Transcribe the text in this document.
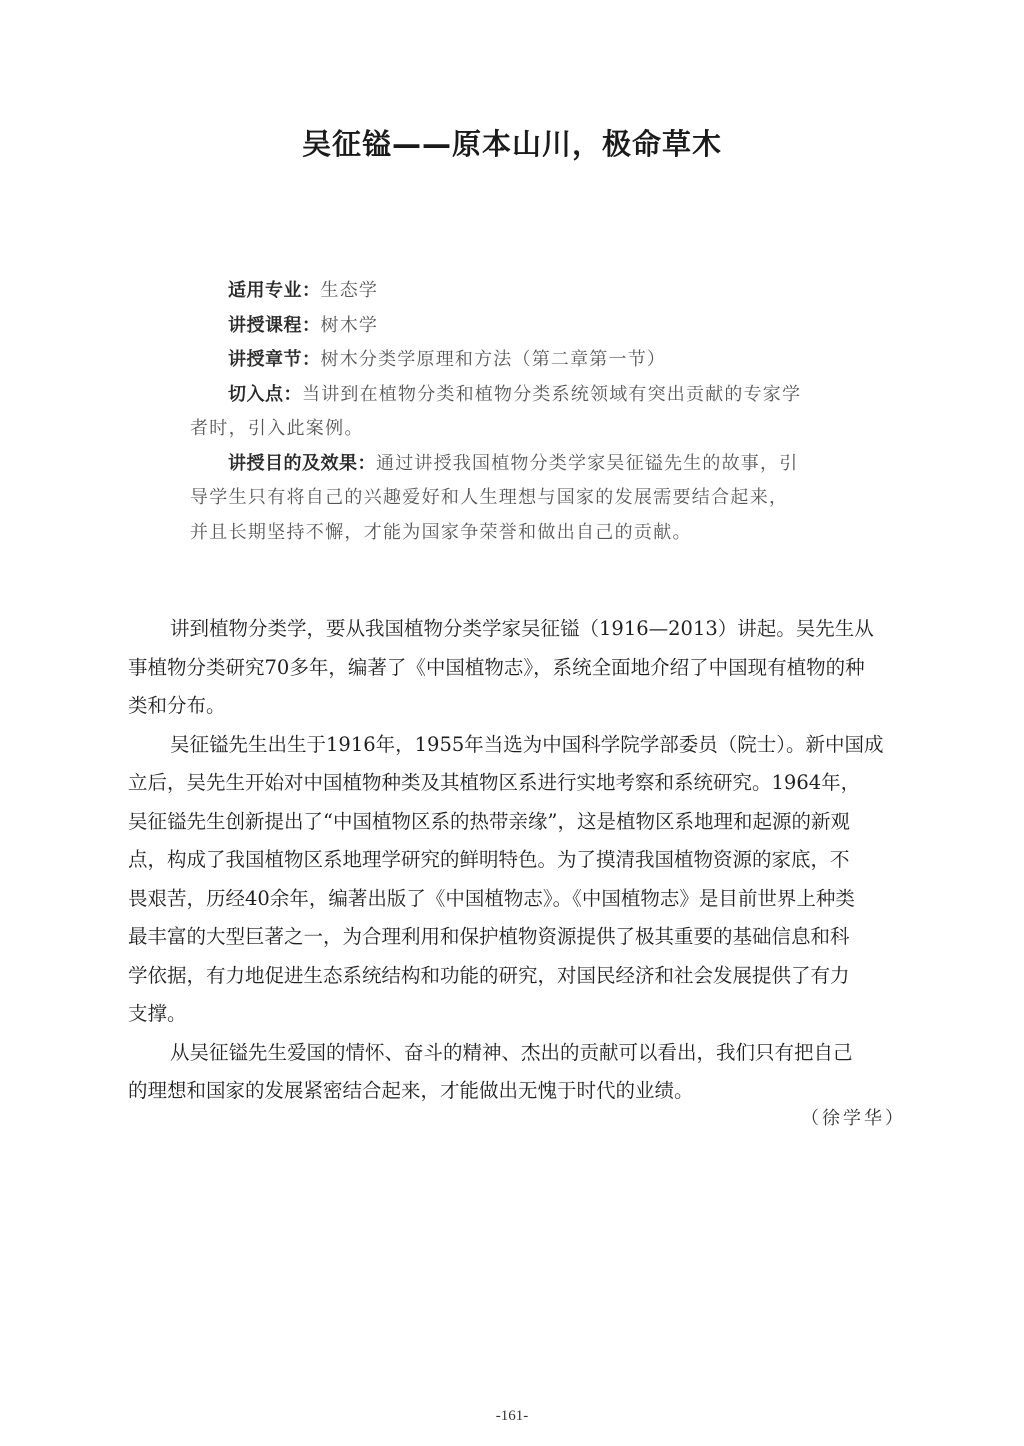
吴征镒——原本山川，极命草木
适用专业：生态学
讲授课程：树木学
讲授章节：树木分类学原理和方法（第二章第一节）
切入点：当讲到在植物分类和植物分类系统领域有突出贡献的专家学
者时，引入此案例。
讲授目的及效果：通过讲授我国植物分类学家吴征镒先生的故事，引
导学生只有将自己的兴趣爱好和人生理想与国家的发展需要结合起来，
并且长期坚持不懈，才能为国家争荣誉和做出自己的贡献。
讲到植物分类学，要从我国植物分类学家吴征镒（1916—2013）讲起。吴先生从
事植物分类研究70多年，编著了《中国植物志》，系统全面地介绍了中国现有植物的种
类和分布。
吴征镒先生出生于1916年，1955年当选为中国科学院学部委员（院士）。新中国成
立后，吴先生开始对中国植物种类及其植物区系进行实地考察和系统研究。1964年，
吴征镒先生创新提出了“中国植物区系的热带亲缘”，这是植物区系地理和起源的新观
点，构成了我国植物区系地理学研究的鲜明特色。为了摸清我国植物资源的家底，不
畏艰苦，历经40余年，编著出版了《中国植物志》。《中国植物志》是目前世界上种类
最丰富的大型巨著之一，为合理利用和保护植物资源提供了极其重要的基础信息和科
学依据，有力地促进生态系统结构和功能的研究，对国民经济和社会发展提供了有力
支撑。
从吴征镒先生爱国的情怀、奋斗的精神、杰出的贡献可以看出，我们只有把自己
的理想和国家的发展紧密结合起来，才能做出无愧于时代的业绩。
（徐学华）
-161-
